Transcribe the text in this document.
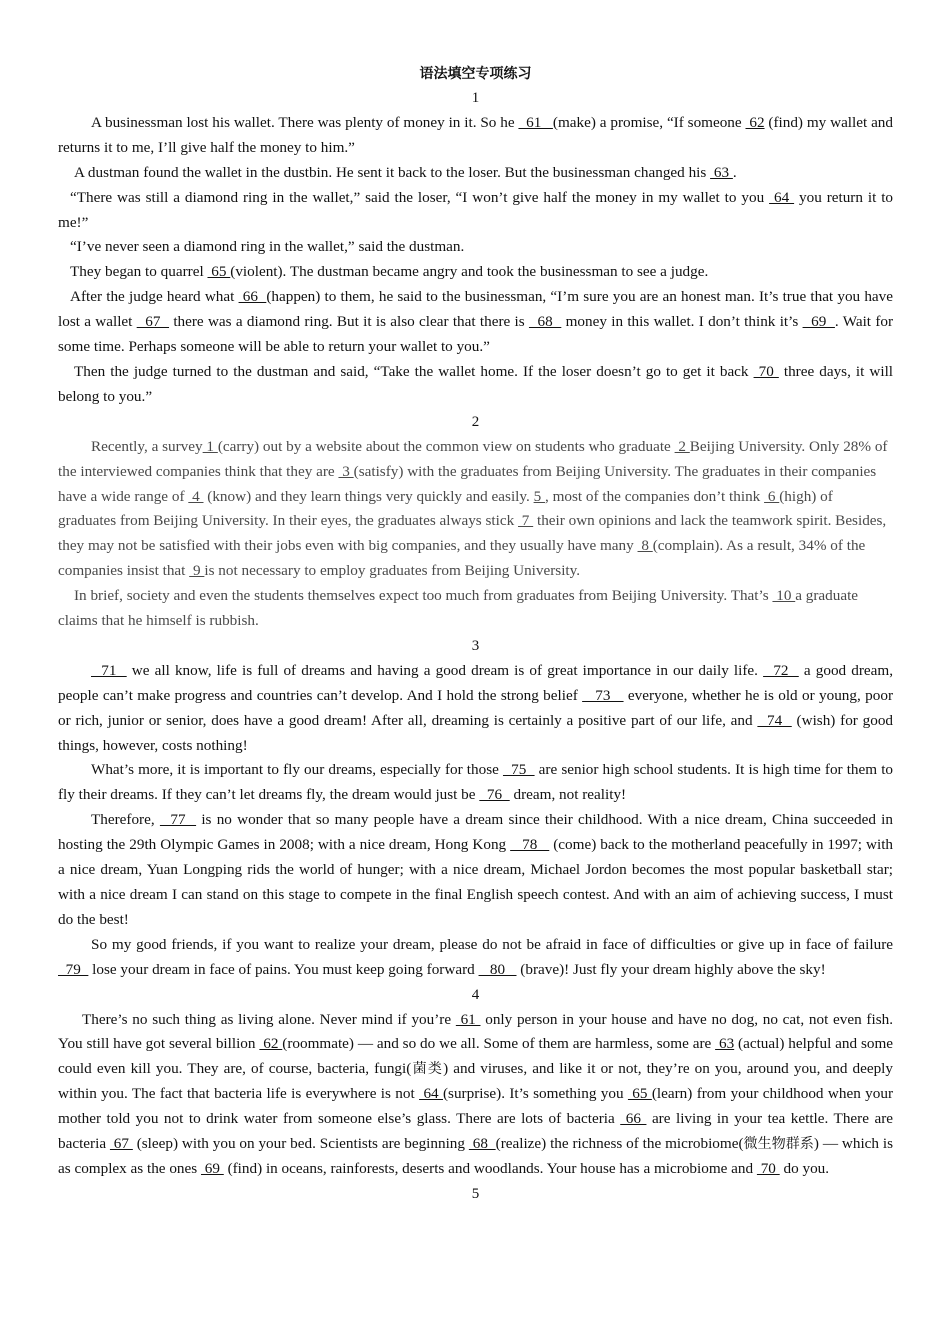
语法填空专项练习

1

A businessman lost his wallet. There was plenty of money in it. So he   61   (make) a promise, “If someone  62 (find) my wallet and returns it to me, I’ll give half the money to him.”

A dustman found the wallet in the dustbin. He sent it back to the loser. But the businessman changed his  63 .

“There was still a diamond ring in the wallet,” said the loser, “I won’t give half the money in my wallet to you  64  you return it to me!”

“I’ve never seen a diamond ring in the wallet,” said the dustman.

They began to quarrel  65 (violent). The dustman became angry and took the businessman to see a judge.

After the judge heard what  66  (happen) to them, he said to the businessman, “I’m sure you are an honest man. It’s true that you have lost a wallet   67   there was a diamond ring. But it is also clear that there is   68   money in this wallet. I don’t think it’s   69  . Wait for some time. Perhaps someone will be able to return your wallet to you.”

Then the judge turned to the dustman and said, “Take the wallet home. If the loser doesn’t go to get it back  70  three days, it will belong to you.”

2

Recently, a survey 1 (carry) out by a website about the common view on students who graduate  2 Beijing University. Only 28% of the interviewed companies think that they are  3 (satisfy) with the graduates from Beijing University. The graduates in their companies have a wide range of  4  (know) and they learn things very quickly and easily. 5 , most of the companies don’t think  6 (high) of graduates from Beijing University. In their eyes, the graduates always stick  7  their own opinions and lack the teamwork spirit. Besides, they may not be satisfied with their jobs even with big companies, and they usually have many  8 (complain). As a result, 34% of the companies insist that  9 is not necessary to employ graduates from Beijing University.

In brief, society and even the students themselves expect too much from graduates from Beijing University. That’s  10 a graduate claims that he himself is rubbish.

3

71   we all know, life is full of dreams and having a good dream is of great importance in our daily life.   72   a good dream, people can’t make progress and countries can’t develop. And I hold the strong belief    73    everyone, whether he is old or young, poor or rich, junior or senior, does have a good dream! After all, dreaming is certainly a positive part of our life, and   74   (wish) for good things, however, costs nothing!

What’s more, it is important to fly our dreams, especially for those   75   are senior high school students. It is high time for them to fly their dreams. If they can’t let dreams fly, the dream would just be   76   dream, not reality!

Therefore,   77   is no wonder that so many people have a dream since their childhood. With a nice dream, China succeeded in hosting the 29th Olympic Games in 2008; with a nice dream, Hong Kong    78    (come) back to the motherland peacefully in 1997; with a nice dream, Yuan Longping rids the world of hunger; with a nice dream, Michael Jordon becomes the most popular basketball star; with a nice dream I can stand on this stage to compete in the final English speech contest. And with an aim of achieving success, I must do the best!

So my good friends, if you want to realize your dream, please do not be afraid in face of difficulties or give up in face of failure   79   lose your dream in face of pains. You must keep going forward    80    (brave)! Just fly your dream highly above the sky!

4

There’s no such thing as living alone. Never mind if you’re  61  only person in your house and have no dog, no cat, not even fish. You still have got several billion  62 (roommate) — and so do we all. Some of them are harmless, some are  63 (actual) helpful and some could even kill you. They are, of course, bacteria, fungi(菌类) and viruses, and like it or not, they’re on you, around you, and deeply within you. The fact that bacteria life is everywhere is not  64 (surprise). It’s something you  65 (learn) from your childhood when your mother told you not to drink water from someone else’s glass. There are lots of bacteria  66  are living in your tea kettle. There are bacteria  67  (sleep) with you on your bed. Scientists are beginning  68  (realize) the richness of the microbiome(微生物群系) — which is as complex as the ones  69  (find) in oceans, rainforests, deserts and woodlands. Your house has a microbiome and  70  do you.

5
